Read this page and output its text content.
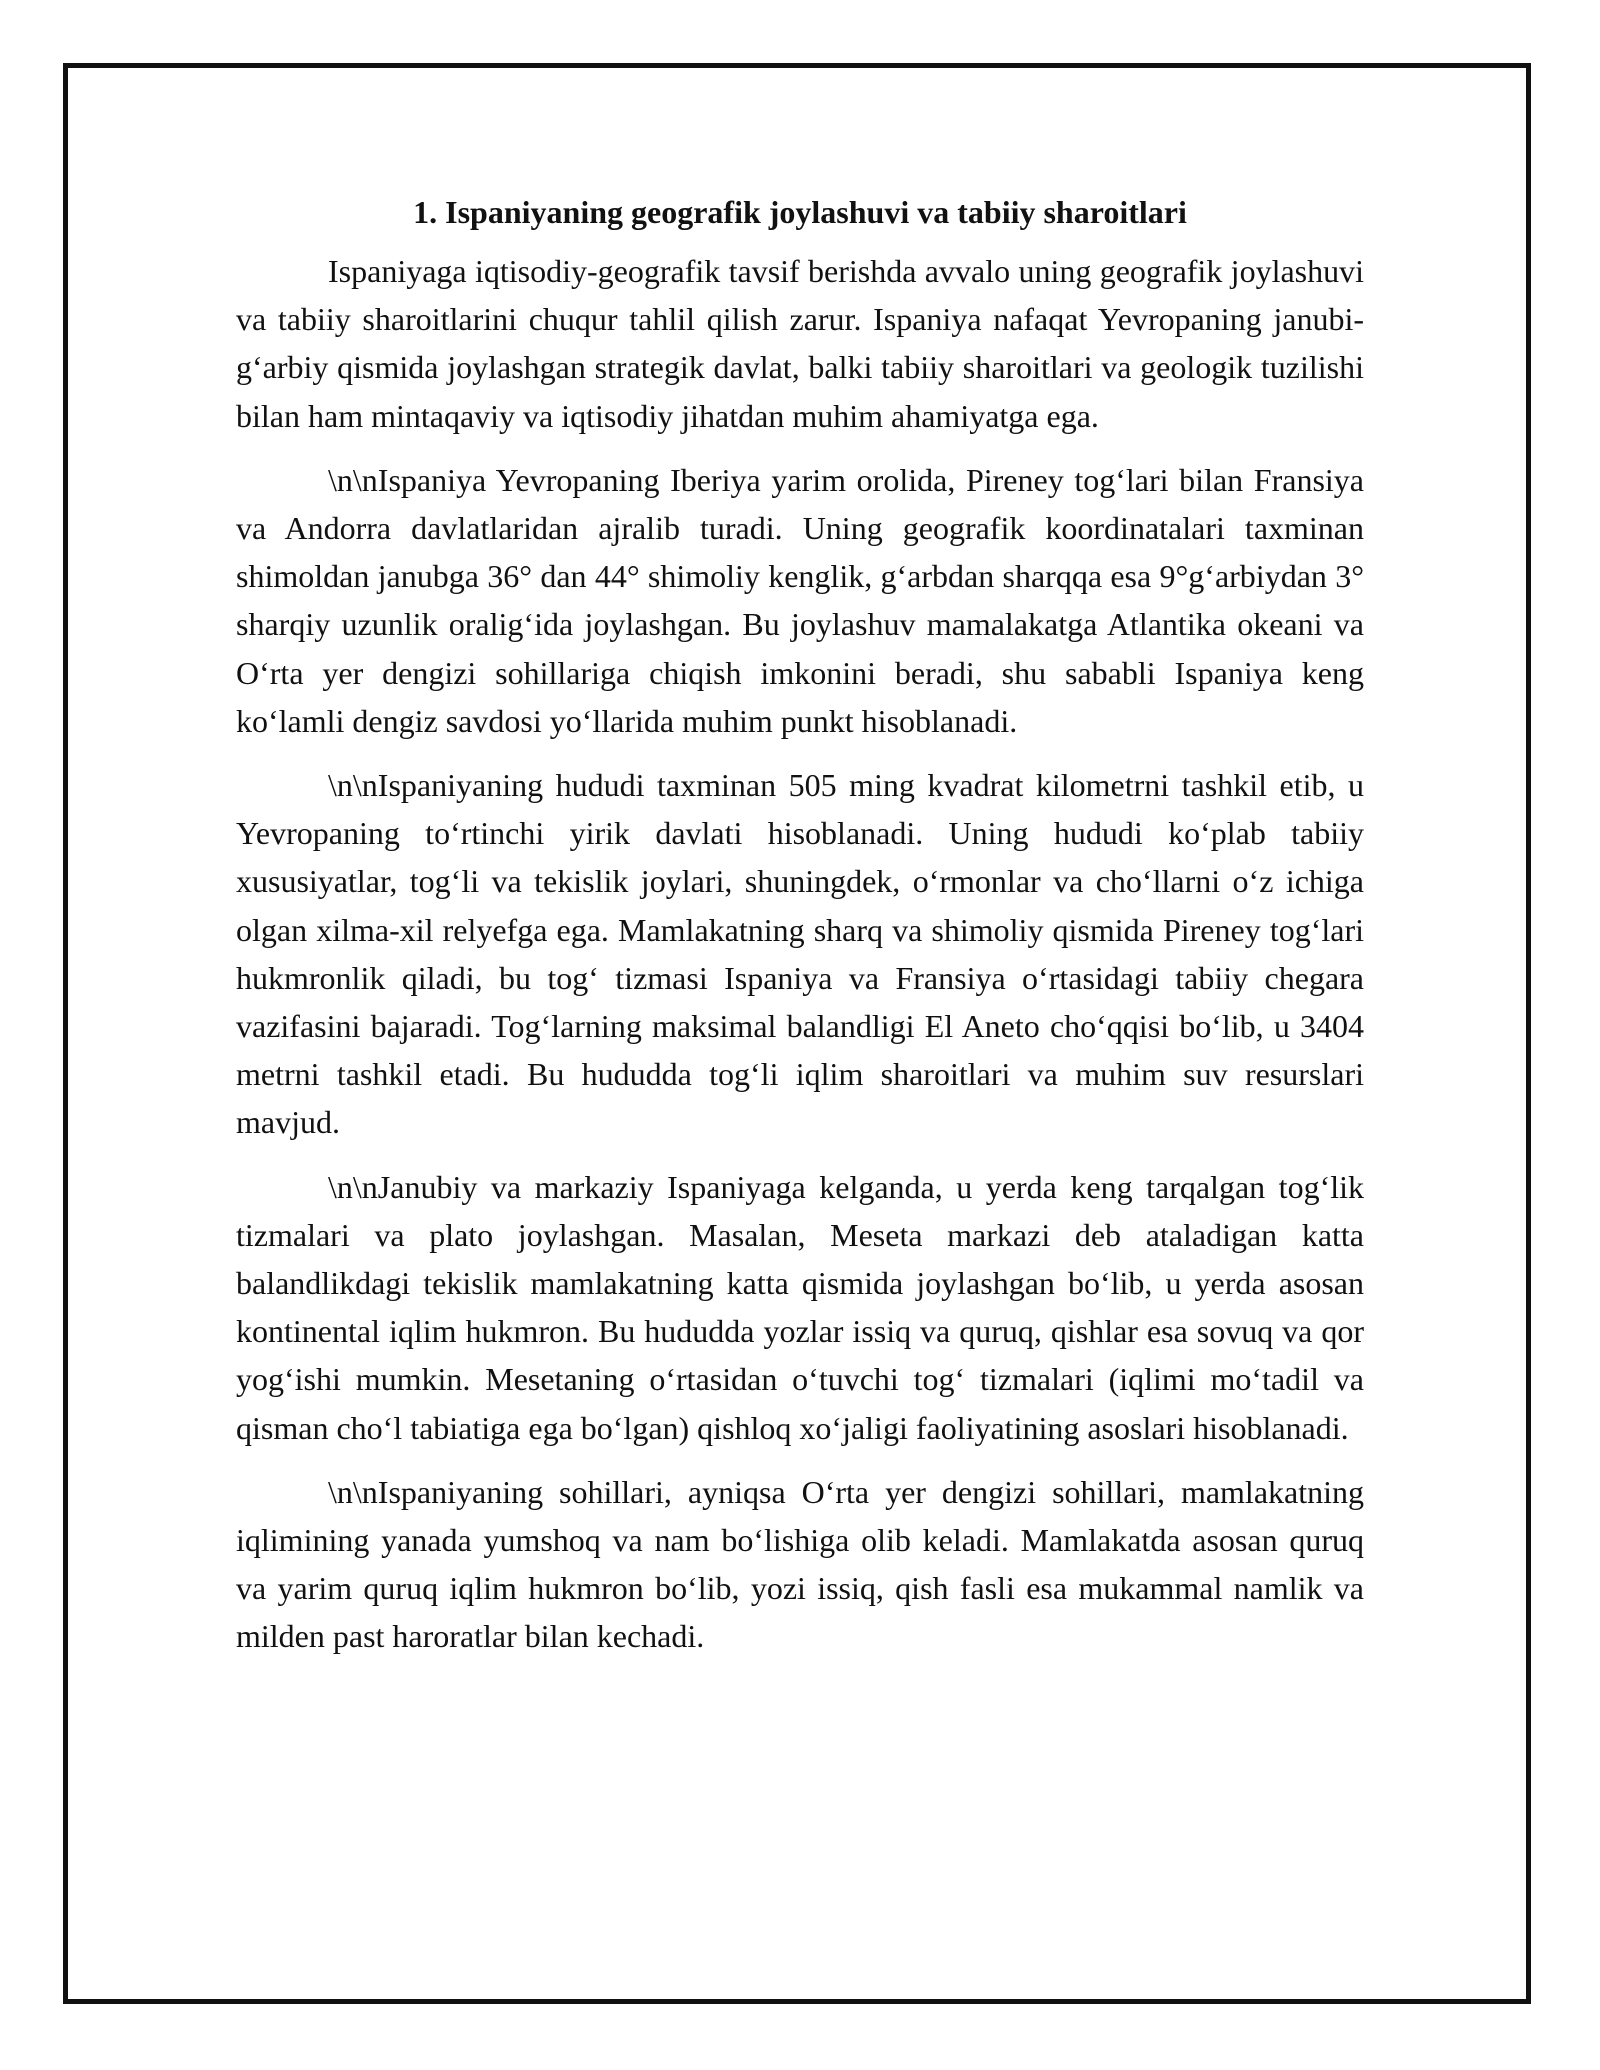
1. Ispaniyaning geografik joylashuvi va tabiiy sharoitlari

Ispaniyaga iqtisodiy-geografik tavsif berishda avvalo uning geografik joylashuvi va tabiiy sharoitlarini chuqur tahlil qilish zarur. Ispaniya nafaqat Yevropaning janubi-g‘arbiy qismida joylashgan strategik davlat, balki tabiiy sharoitlari va geologik tuzilishi bilan ham mintaqaviy va iqtisodiy jihatdan muhim ahamiyatga ega.

\n\nIspaniya Yevropaning Iberiya yarim orolida, Pireney tog‘lari bilan Fransiya va Andorra davlatlaridan ajralib turadi. Uning geografik koordinatalari taxminan shimoldan janubga 36° dan 44° shimoliy kenglik, g‘arbdan sharqqa esa 9°g‘arbiydan 3° sharqiy uzunlik oralig‘ida joylashgan. Bu joylashuv mamalakatga Atlantika okeani va O‘rta yer dengizi sohillariga chiqish imkonini beradi, shu sababli Ispaniya keng ko‘lamli dengiz savdosi yo‘llarida muhim punkt hisoblanadi.

\n\nIspaniyaning hududi taxminan 505 ming kvadrat kilometrni tashkil etib, u Yevropaning to‘rtinchi yirik davlati hisoblanadi. Uning hududi ko‘plab tabiiy xususiyatlar, tog‘li va tekislik joylari, shuningdek, o‘rmonlar va cho‘llarni o‘z ichiga olgan xilma-xil relyefga ega. Mamlakatning sharq va shimoliy qismida Pireney tog‘lari hukmronlik qiladi, bu tog‘ tizmasi Ispaniya va Fransiya o‘rtasidagi tabiiy chegara vazifasini bajaradi. Tog‘larning maksimal balandligi El Aneto cho‘qqisi bo‘lib, u 3404 metrni tashkil etadi. Bu hududda tog‘li iqlim sharoitlari va muhim suv resurslari mavjud.

\n\nJanubiy va markaziy Ispaniyaga kelganda, u yerda keng tarqalgan tog‘lik tizmalari va plato joylashgan. Masalan, Meseta markazi deb ataladigan katta balandlikdagi tekislik mamlakatning katta qismida joylashgan bo‘lib, u yerda asosan kontinental iqlim hukmron. Bu hududda yozlar issiq va quruq, qishlar esa sovuq va qor yog‘ishi mumkin. Mesetaning o‘rtasidan o‘tuvchi tog‘ tizmalari (iqlimi mo‘tadil va qisman cho‘l tabiatiga ega bo‘lgan) qishloq xo‘jaligi faoliyatining asoslari hisoblanadi.

\n\nIspaniyaning sohillari, ayniqsa O‘rta yer dengizi sohillari, mamlakatning iqlimining yanada yumshoq va nam bo‘lishiga olib keladi. Mamlakatda asosan quruq va yarim quruq iqlim hukmron bo‘lib, yozi issiq, qish fasli esa mukammal namlik va milden past haroratlar bilan kechadi.
